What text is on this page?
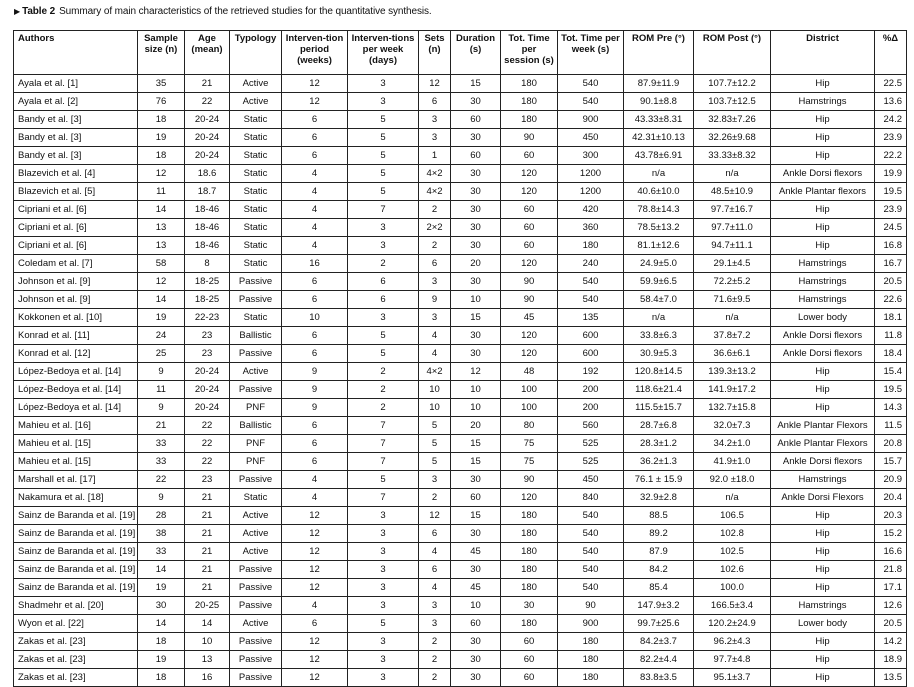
▶ Table 2 Summary of main characteristics of the retrieved studies for the quantitative synthesis.
Authors	Sample size (n)	Age (mean)	Typology	Interven-tion period (weeks)	Interven-tions per week (days)	Sets (n)	Duration (s)	Tot. Time per session (s)	Tot. Time per week (s)	ROM Pre (°)	ROM Post (°)	District	%Δ
Ayala et al. [1]	35	21	Active	12	3	12	15	180	540	87.9±11.9	107.7±12.2	Hip	22.5
Ayala et al. [2]	76	22	Active	12	3	6	30	180	540	90.1±8.8	103.7±12.5	Hamstrings	13.6
Bandy et al. [3]	18	20-24	Static	6	5	3	60	180	900	43.33±8.31	32.83±7.26	Hip	24.2
Bandy et al. [3]	19	20-24	Static	6	5	3	30	90	450	42.31±10.13	32.26±9.68	Hip	23.9
Bandy et al. [3]	18	20-24	Static	6	5	1	60	60	300	43.78±6.91	33.33±8.32	Hip	22.2
Blazevich et al. [4]	12	18.6	Static	4	5	4×2	30	120	1200	n/a	n/a	Ankle Dorsi flexors	19.9
Blazevich et al. [5]	11	18.7	Static	4	5	4×2	30	120	1200	40.6±10.0	48.5±10.9	Ankle Plantar flexors	19.5
Cipriani et al. [6]	14	18-46	Static	4	7	2	30	60	420	78.8±14.3	97.7±16.7	Hip	23.9
Cipriani et al. [6]	13	18-46	Static	4	3	2×2	30	60	360	78.5±13.2	97.7±11.0	Hip	24.5
Cipriani et al. [6]	13	18-46	Static	4	3	2	30	60	180	81.1±12.6	94.7±11.1	Hip	16.8
Coledam et al. [7]	58	8	Static	16	2	6	20	120	240	24.9±5.0	29.1±4.5	Hamstrings	16.7
Johnson et al. [9]	12	18-25	Passive	6	6	3	30	90	540	59.9±6.5	72.2±5.2	Hamstrings	20.5
Johnson et al. [9]	14	18-25	Passive	6	6	9	10	90	540	58.4±7.0	71.6±9.5	Hamstrings	22.6
Kokkonen et al. [10]	19	22-23	Static	10	3	3	15	45	135	n/a	n/a	Lower body	18.1
Konrad et al. [11]	24	23	Ballistic	6	5	4	30	120	600	33.8±6.3	37.8±7.2	Ankle Dorsi flexors	11.8
Konrad et al. [12]	25	23	Passive	6	5	4	30	120	600	30.9±5.3	36.6±6.1	Ankle Dorsi flexors	18.4
López-Bedoya et al. [14]	9	20-24	Active	9	2	4×2	12	48	192	120.8±14.5	139.3±13.2	Hip	15.4
López-Bedoya et al. [14]	11	20-24	Passive	9	2	10	10	100	200	118.6±21.4	141.9±17.2	Hip	19.5
López-Bedoya et al. [14]	9	20-24	PNF	9	2	10	10	100	200	115.5±15.7	132.7±15.8	Hip	14.3
Mahieu et al. [16]	21	22	Ballistic	6	7	5	20	80	560	28.7±6.8	32.0±7.3	Ankle Plantar Flexors	11.5
Mahieu et al. [15]	33	22	PNF	6	7	5	15	75	525	28.3±1.2	34.2±1.0	Ankle Plantar Flexors	20.8
Mahieu et al. [15]	33	22	PNF	6	7	5	15	75	525	36.2±1.3	41.9±1.0	Ankle Dorsi flexors	15.7
Marshall et al. [17]	22	23	Passive	4	5	3	30	90	450	76.1 ± 15.9	92.0 ±18.0	Hamstrings	20.9
Nakamura et al. [18]	9	21	Static	4	7	2	60	120	840	32.9±2.8	n/a	Ankle Dorsi Flexors	20.4
Sainz de Baranda et al. [19]	28	21	Active	12	3	12	15	180	540	88.5	106.5	Hip	20.3
Sainz de Baranda et al. [19]	38	21	Active	12	3	6	30	180	540	89.2	102.8	Hip	15.2
Sainz de Baranda et al. [19]	33	21	Active	12	3	4	45	180	540	87.9	102.5	Hip	16.6
Sainz de Baranda et al. [19]	14	21	Passive	12	3	6	30	180	540	84.2	102.6	Hip	21.8
Sainz de Baranda et al. [19]	19	21	Passive	12	3	4	45	180	540	85.4	100.0	Hip	17.1
Shadmehr et al. [20]	30	20-25	Passive	4	3	3	10	30	90	147.9±3.2	166.5±3.4	Hamstrings	12.6
Wyon et al. [22]	14	14	Active	6	5	3	60	180	900	99.7±25.6	120.2±24.9	Lower body	20.5
Zakas et al. [23]	18	10	Passive	12	3	2	30	60	180	84.2±3.7	96.2±4.3	Hip	14.2
Zakas et al. [23]	19	13	Passive	12	3	2	30	60	180	82.2±4.4	97.7±4.8	Hip	18.9
Zakas et al. [23]	18	16	Passive	12	3	2	30	60	180	83.8±3.5	95.1±3.7	Hip	13.5
